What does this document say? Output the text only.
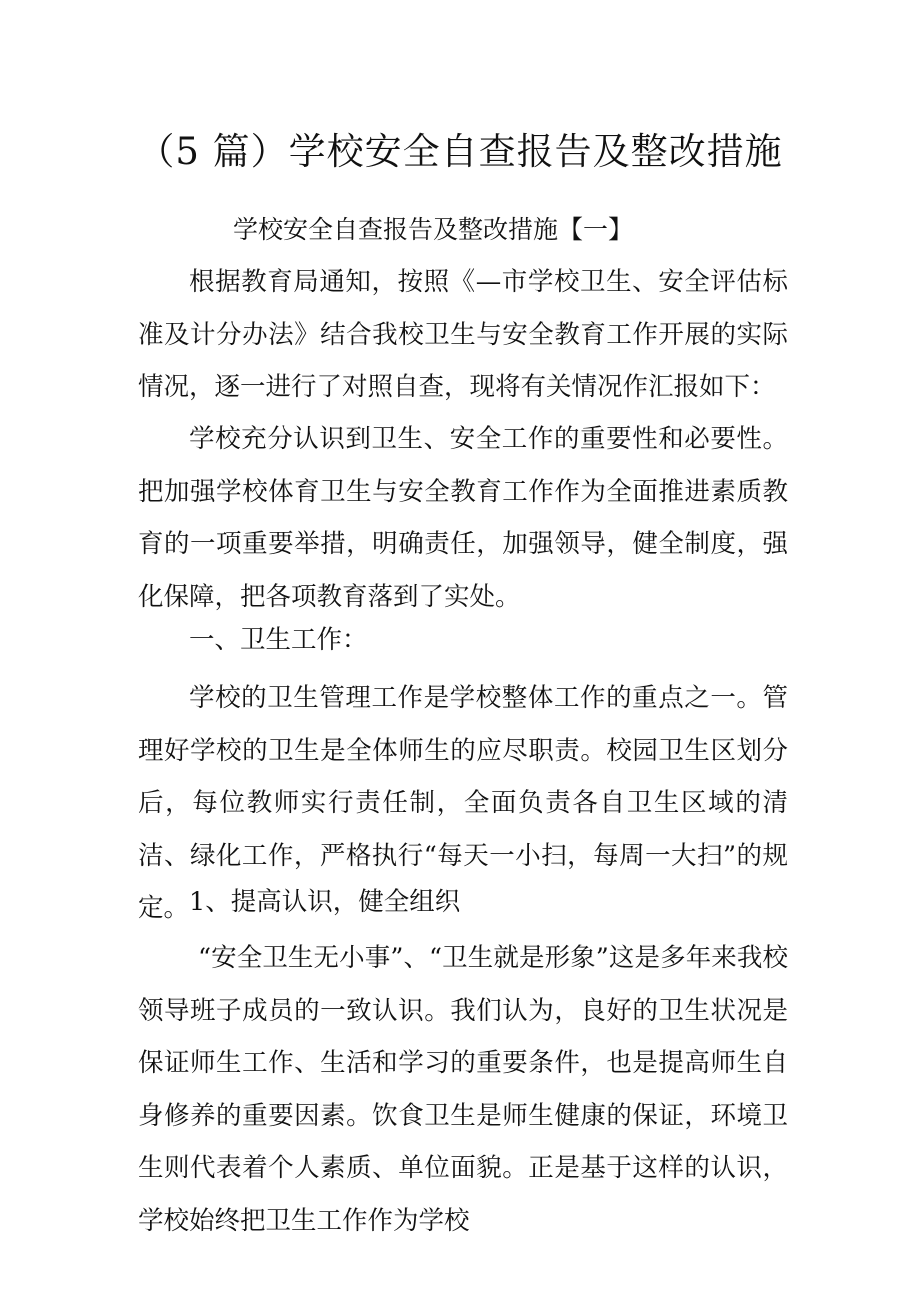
（5 篇）学校安全自查报告及整改措施
学校安全自查报告及整改措施【一】

根据教育局通知，按照《—市学校卫生、安全评估标准及计分办法》结合我校卫生与安全教育工作开展的实际情况，逐一进行了对照自查，现将有关情况作汇报如下：

学校充分认识到卫生、安全工作的重要性和必要性。把加强学校体育卫生与安全教育工作作为全面推进素质教育的一项重要举措，明确责任，加强领导，健全制度，强化保障，把各项教育落到了实处。

一、卫生工作：

学校的卫生管理工作是学校整体工作的重点之一。管理好学校的卫生是全体师生的应尽职责。校园卫生区划分后，每位教师实行责任制，全面负责各自卫生区域的清洁、绿化工作，严格执行“每天一小扫，每周一大扫”的规定。 1、提高认识，健全组织

“安全卫生无小事”、“卫生就是形象”这是多年来我校领导班子成员的一致认识。我们认为，良好的卫生状况是保证师生工作、生活和学习的重要条件，也是提高师生自身修养的重要因素。饮食卫生是师生健康的保证，环境卫生则代表着个人素质、单位面貌。正是基于这样的认识，学校始终把卫生工作作为学校
